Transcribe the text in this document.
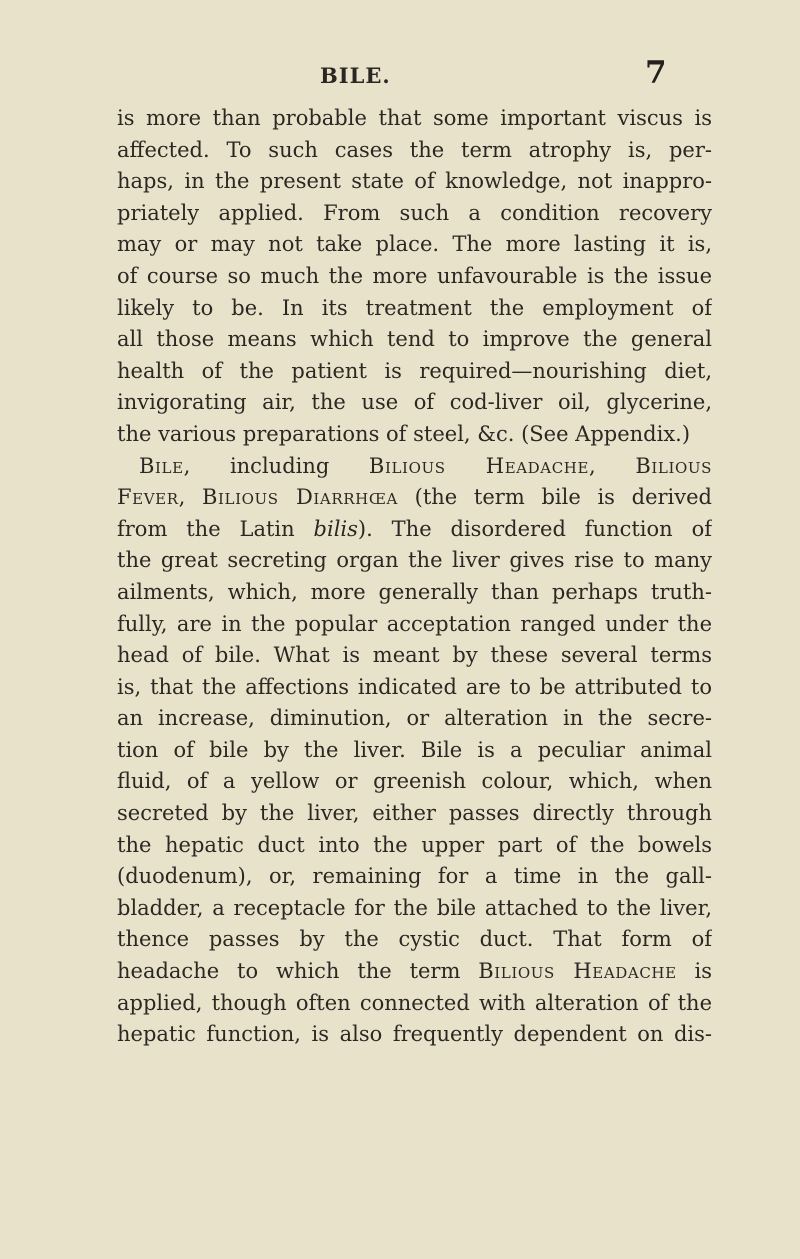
BILE.	7
is more than probable that some important viscus is
affected. To such cases the term atrophy is, per-
haps, in the present state of knowledge, not inappro-
priately applied. From such a condition recovery
may or may not take place. The more lasting it is,
of course so much the more unfavourable is the issue
likely to be. In its treatment the employment of
all those means which tend to improve the general
health of the patient is required—nourishing diet,
invigorating air, the use of cod-liver oil, glycerine,
the various preparations of steel, &c. (See Appendix.)
Bile, including Bilious Headache, Bilious
Fever, Bilious Diarrhœa (the term bile is derived
from the Latin bilis). The disordered function of
the great secreting organ the liver gives rise to many
ailments, which, more generally than perhaps truth-
fully, are in the popular acceptation ranged under the
head of bile. What is meant by these several terms
is, that the affections indicated are to be attributed to
an increase, diminution, or alteration in the secre-
tion of bile by the liver. Bile is a peculiar animal
fluid, of a yellow or greenish colour, which, when
secreted by the liver, either passes directly through
the hepatic duct into the upper part of the bowels
(duodenum), or, remaining for a time in the gall-
bladder, a receptacle for the bile attached to the liver,
thence passes by the cystic duct. That form of
headache to which the term Bilious Headache is
applied, though often connected with alteration of the
hepatic function, is also frequently dependent on dis-
